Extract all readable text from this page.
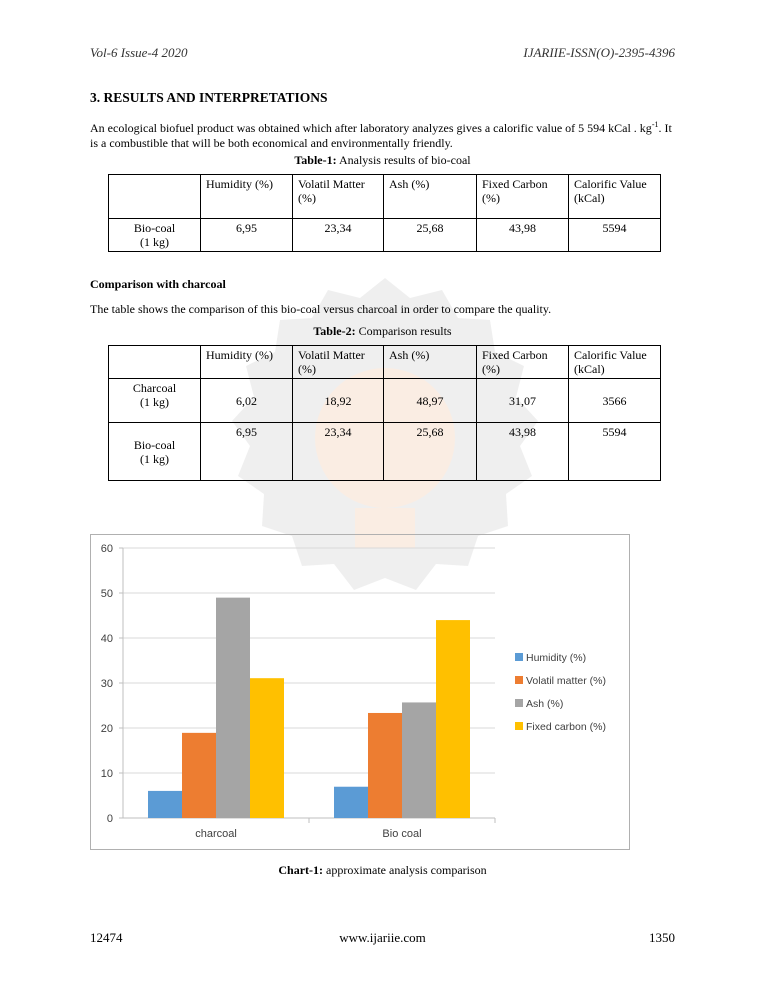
Vol-6 Issue-4 2020	IJARIIE-ISSN(O)-2395-4396
3. RESULTS AND INTERPRETATIONS
An ecological biofuel product was obtained which after laboratory analyzes gives a calorific value of 5 594 kCal . $kg^{-1}$. It is a combustible that will be both economical and environmentally friendly.
Table-1: Analysis results of bio-coal
	Humidity (%)	Volatil Matter (%)	Ash (%)	Fixed Carbon (%)	Calorific Value (kCal)
Bio-coal
(1 kg)	6,95	23,34	25,68	43,98	5594
Comparison with charcoal
The table shows the comparison of this bio-coal versus charcoal in order to compare the quality.
Table-2: Comparison results
	Humidity (%)	Volatil Matter (%)	Ash (%)	Fixed Carbon (%)	Calorific Value (kCal)
Charcoal
(1 kg)	6,02	18,92	48,97	31,07	3566
Bio-coal
(1 kg)	6,95	23,34	25,68	43,98	5594
0
10
20
30
40
50
60
charcoal	Bio coal
Humidity (%)
Volatil matter (%)
Ash (%)
Fixed carbon (%)
Chart-1: approximate analysis comparison
12474	www.ijariie.com	1350
